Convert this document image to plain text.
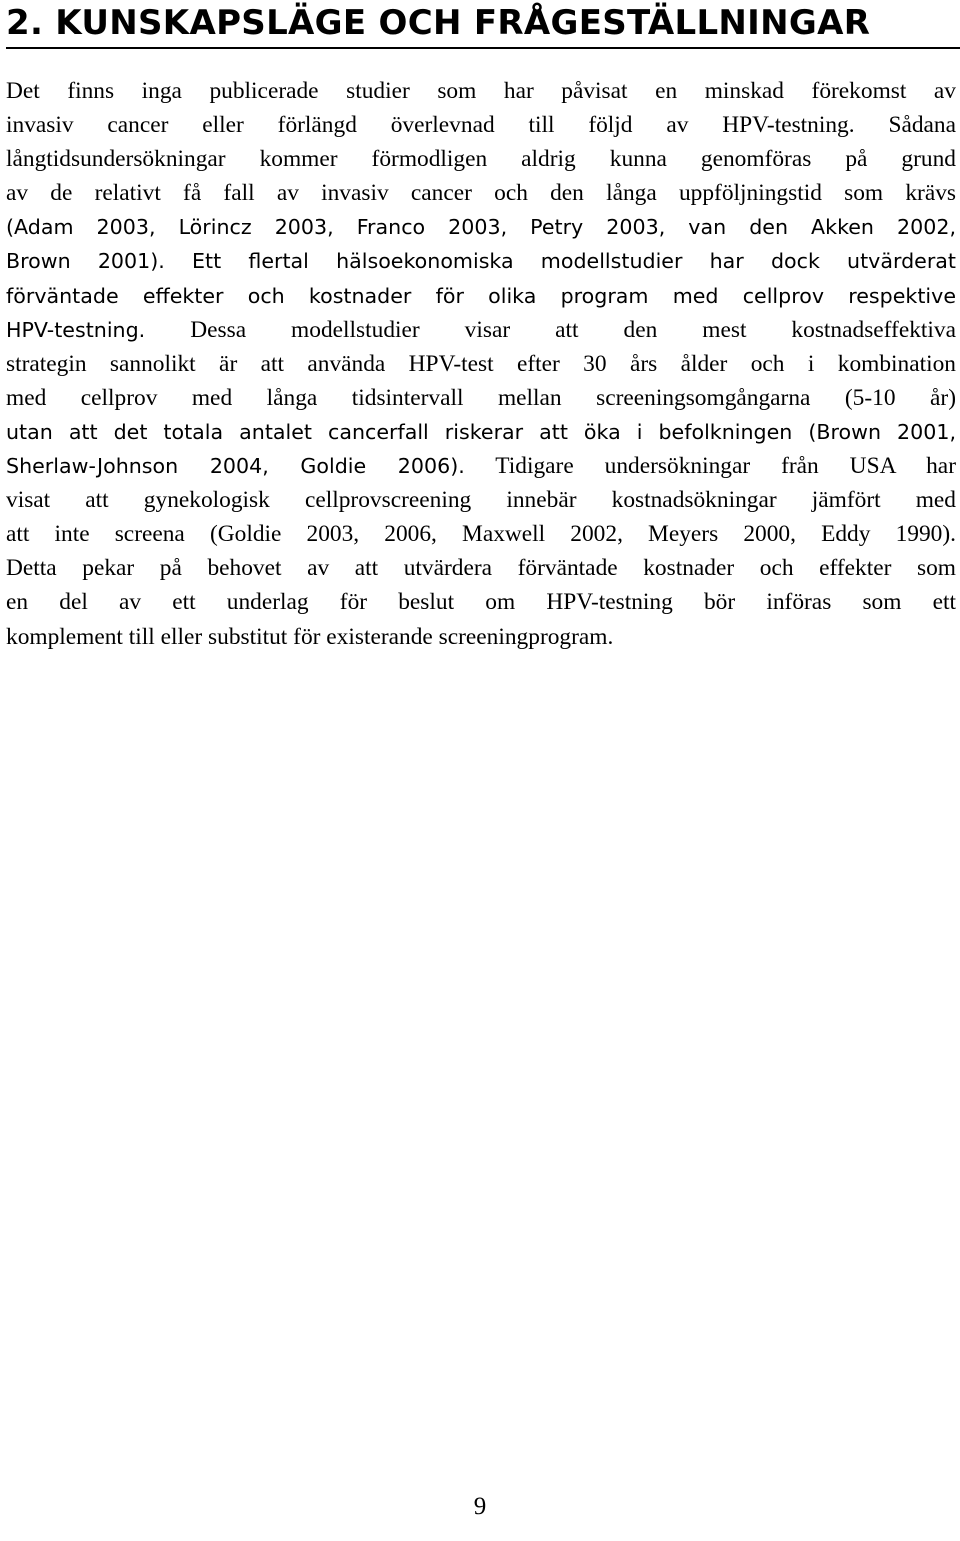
2. KUNSKAPSLÄGE OCH FRÅGESTÄLLNINGAR
Det finns inga publicerade studier som har påvisat en minskad förekomst av
invasiv cancer eller förlängd överlevnad till följd av HPV-testning. Sådana
långtidsundersökningar kommer förmodligen aldrig kunna genomföras på grund
av de relativt få fall av invasiv cancer och den långa uppföljningstid som krävs
(Adam 2003, Lörincz 2003, Franco 2003, Petry 2003, van den Akken 2002,
Brown 2001). Ett flertal hälsoekonomiska modellstudier har dock utvärderat
förväntade effekter och kostnader för olika program med cellprov respektive
HPV-testning. Dessa modellstudier visar att den mest kostnadseffektiva
strategin sannolikt är att använda HPV-test efter 30 års ålder och i kombination
med cellprov med långa tidsintervall mellan screeningsomgångarna (5-10 år)
utan att det totala antalet cancerfall riskerar att öka i befolkningen (Brown 2001,
Sherlaw-Johnson 2004, Goldie 2006). Tidigare undersökningar från USA har
visat att gynekologisk cellprovscreening innebär kostnadsökningar jämfört med
att inte screena (Goldie 2003, 2006, Maxwell 2002, Meyers 2000, Eddy 1990).
Detta pekar på behovet av att utvärdera förväntade kostnader och effekter som
en del av ett underlag för beslut om HPV-testning bör införas som ett
komplement till eller substitut för existerande screeningprogram.
9
